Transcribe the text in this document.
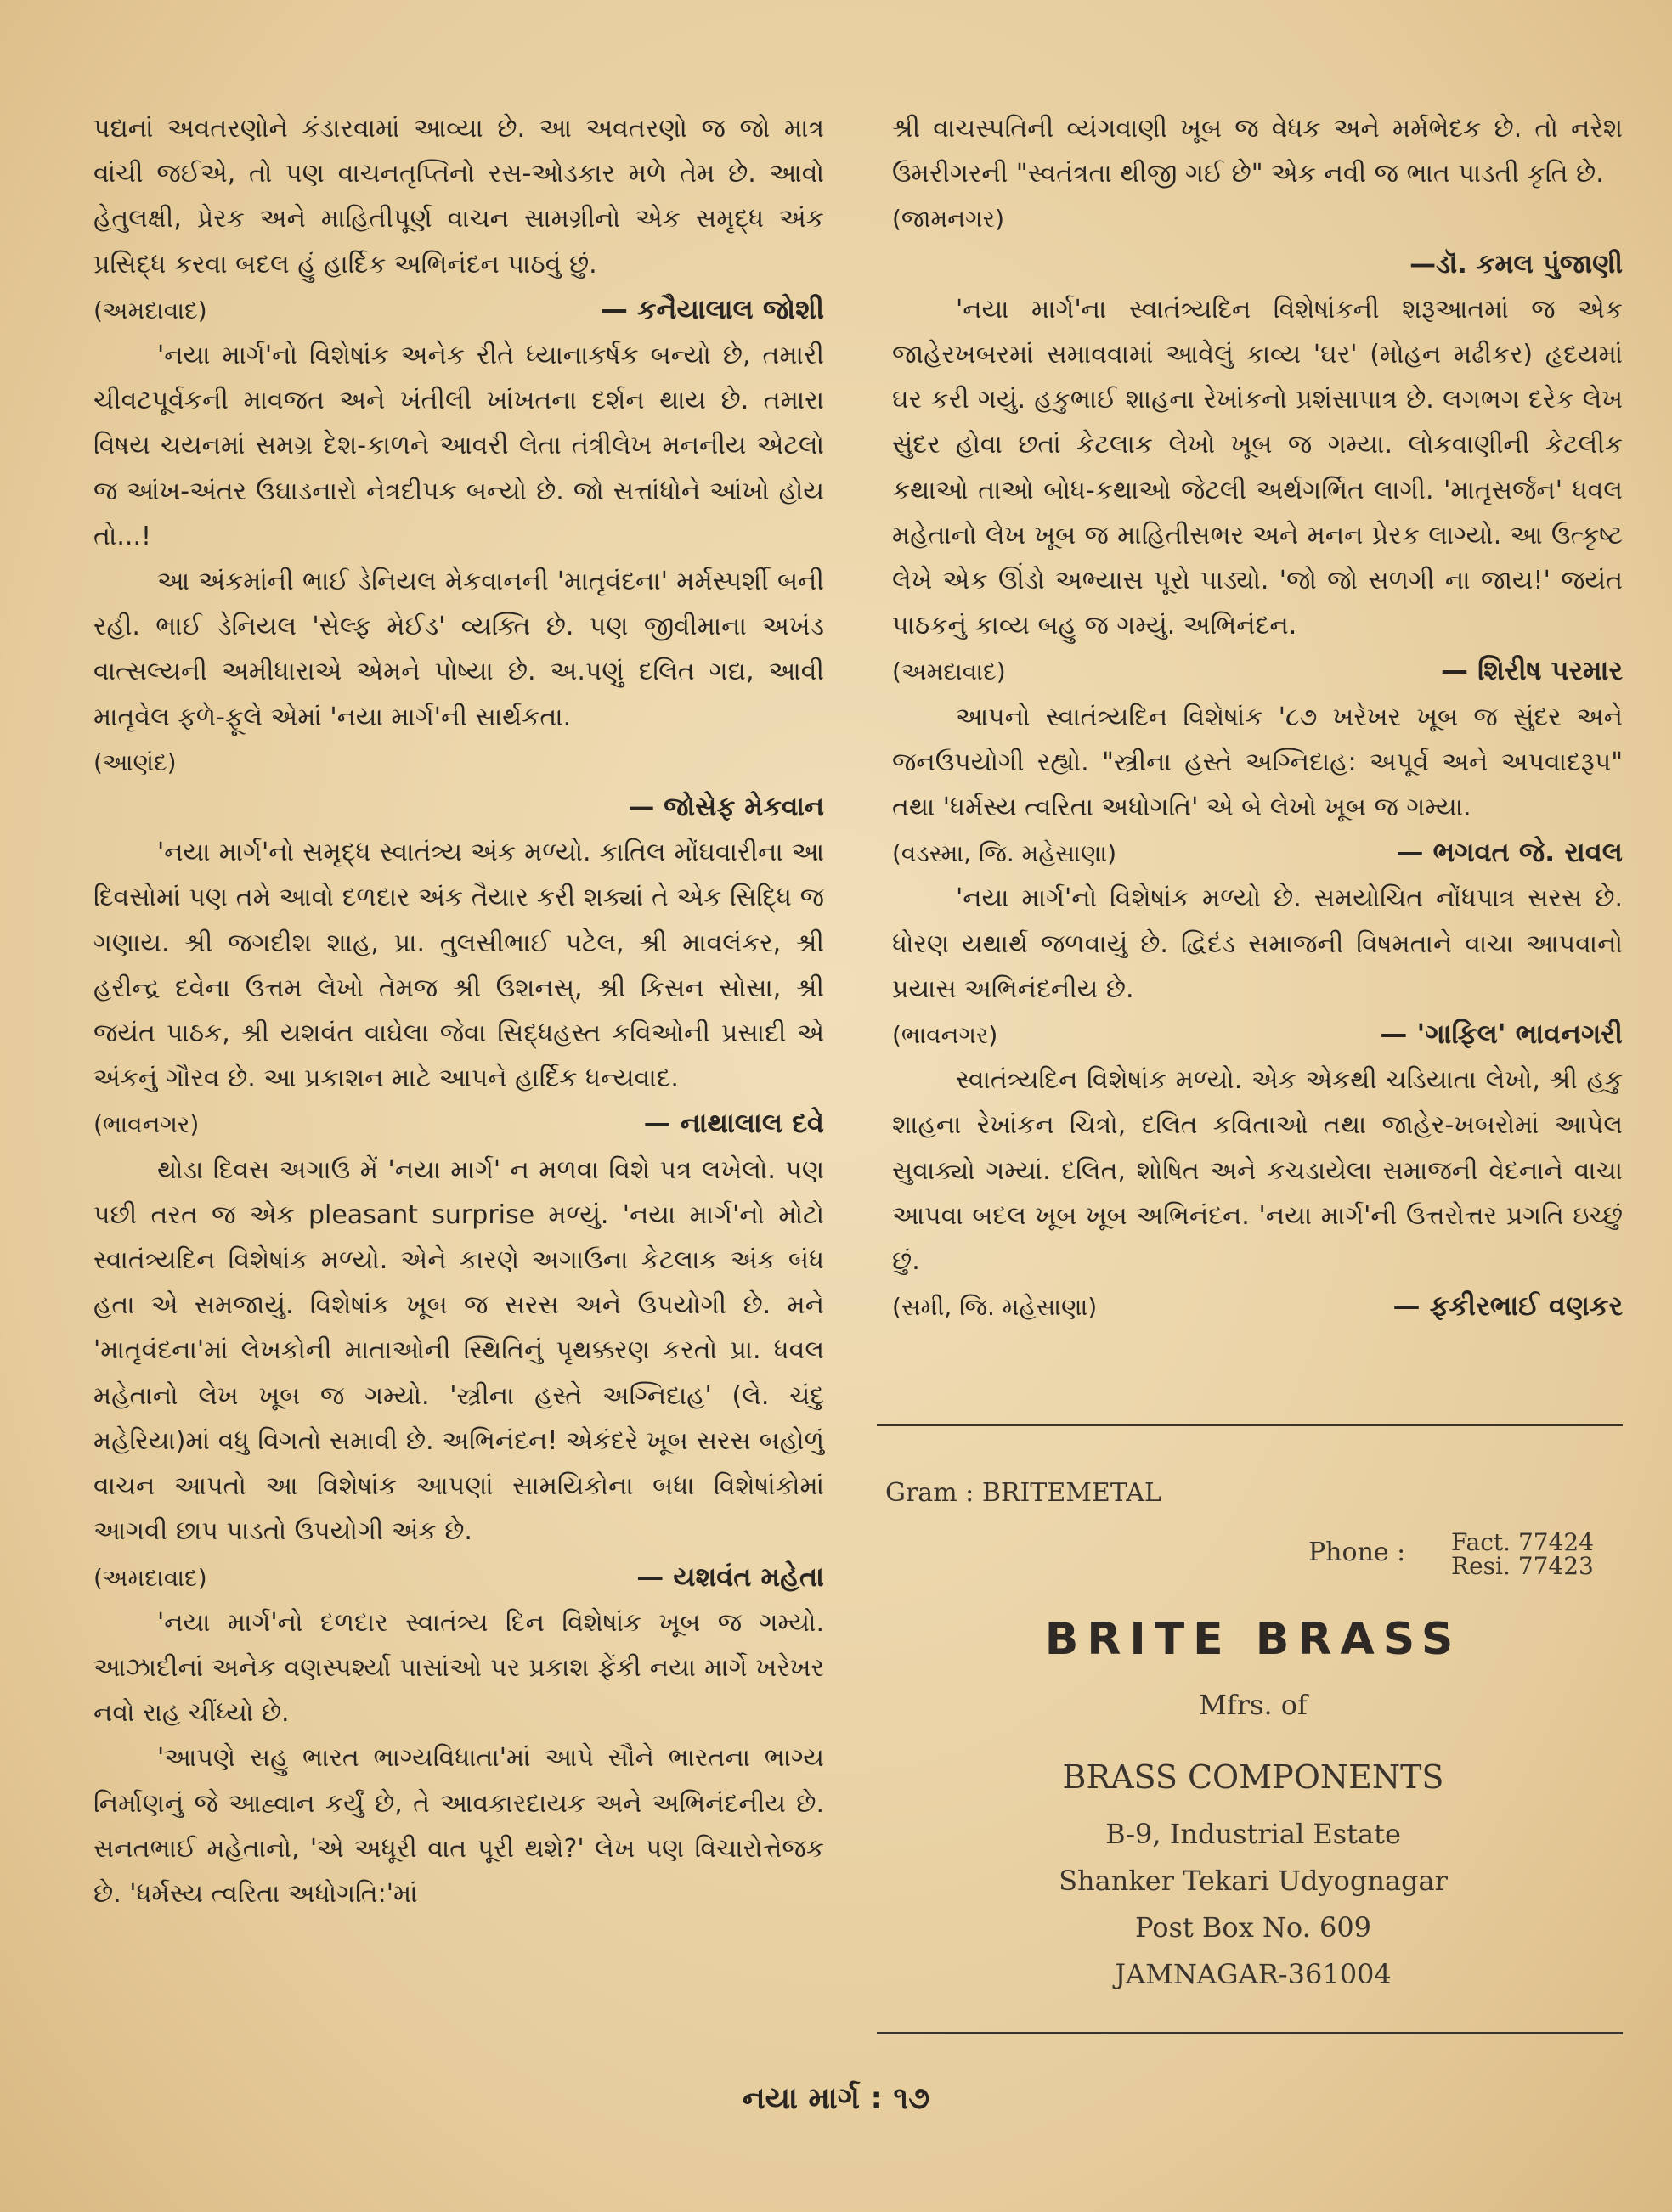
પદ્યનાં અવતરણોને કંડારવામાં આવ્યા છે. આ અવતરણો જ જો માત્ર વાંચી જઈએ, તો પણ વાચનતૃપ્તિનો રસ-ઓડકાર મળે તેમ છે. આવો હેતુલક્ષી, પ્રેરક અને માહિતીપૂર્ણ વાચન સામગ્રીનો એક સમૃદ્ધ અંક પ્રસિદ્ધ કરવા બદલ હું હાર્દિક અભિનંદન પાઠવું છું.

(અમદાવાદ)	— કનૈયાલાલ જોશી

'નયા માર્ગ'નો વિશેષાંક અનેક રીતે ધ્યાનાકર્ષક બન્યો છે, તમારી ચીવટપૂર્વકની માવજત અને ખંતીલી ખાંખતના દર્શન થાય છે. તમારા વિષય ચયનમાં સમગ્ર દેશ-કાળને આવરી લેતા તંત્રીલેખ મનનીય એટલો જ આંખ-અંતર ઉઘાડનારો નેત્રદીપક બન્યો છે. જો સત્તાંધોને આંખો હોય તો...!

આ અંકમાંની ભાઈ ડેનિયલ મેકવાનની 'માતૃવંદના' મર્મસ્પર્શી બની રહી. ભાઈ ડેનિયલ 'સેલ્ફ મેઈડ' વ્યક્તિ છે. પણ જીવીમાના અખંડ વાત્સલ્યની અમીધારાએ એમને પોષ્યા છે. અ.પણું દલિત ગદ્ય, આવી માતૃવેલ ફળે-ફૂલે એમાં 'નયા માર્ગ'ની સાર્થકતા.

(આણંદ)
— જોસેફ મેકવાન

'નયા માર્ગ'નો સમૃદ્ધ સ્વાતંત્ર્ય અંક મળ્યો. કાતિલ મોંઘવારીના આ દિવસોમાં પણ તમે આવો દળદાર અંક તૈયાર કરી શક્યાં તે એક સિદ્ધિ જ ગણાય. શ્રી જગદીશ શાહ, પ્રા. તુલસીભાઈ પટેલ, શ્રી માવલંકર, શ્રી હરીન્દ્ર દવેના ઉત્તમ લેખો તેમજ શ્રી ઉશનસ્, શ્રી કિસન સોસા, શ્રી જયંત પાઠક, શ્રી યશવંત વાઘેલા જેવા સિદ્ધહસ્ત કવિઓની પ્રસાદી એ અંકનું ગૌરવ છે. આ પ્રકાશન માટે આપને હાર્દિક ધન્યવાદ.

(ભાવનગર)	— નાથાલાલ દવે

થોડા દિવસ અગાઉ મેં 'નયા માર્ગ' ન મળવા વિશે પત્ર લખેલો. પણ પછી તરત જ એક pleasant surprise મળ્યું. 'નયા માર્ગ'નો મોટો સ્વાતંત્ર્યદિન વિશેષાંક મળ્યો. એને કારણે અગાઉના કેટલાક અંક બંધ હતા એ સમજાયું. વિશેષાંક ખૂબ જ સરસ અને ઉપયોગી છે. મને 'માતૃવંદના'માં લેખકોની માતાઓની સ્થિતિનું પૃથક્કરણ કરતો પ્રા. ધવલ મહેતાનો લેખ ખૂબ જ ગમ્યો. 'સ્ત્રીના હસ્તે અગ્નિદાહ' (લે. ચંદુ મહેરિયા)માં વધુ વિગતો સમાવી છે. અભિનંદન! એકંદરે ખૂબ સરસ બહોળું વાચન આપતો આ વિશેષાંક આપણાં સામયિકોના બધા વિશેષાંકોમાં આગવી છાપ પાડતો ઉપયોગી અંક છે.

(અમદાવાદ)	— યશવંત મહેતા

'નયા માર્ગ'નો દળદાર સ્વાતંત્ર્ય દિન વિશેષાંક ખૂબ જ ગમ્યો. આઝાદીનાં અનેક વણસ્પર્શ્યા પાસાંઓ પર પ્રકાશ ફેંકી નયા માર્ગે ખરેખર નવો રાહ ચીંધ્યો છે.

'આપણે સહુ ભારત ભાગ્યવિધાતા'માં આપે સૌને ભારતના ભાગ્ય નિર્માણનું જે આહ્વાન કર્યું છે, તે આવકારદાયક અને અભિનંદનીય છે. સનતભાઈ મહેતાનો, 'એ અધૂરી વાત પૂરી થશે?' લેખ પણ વિચારોત્તેજક છે. 'ધર્મસ્ય ત્વરિતા અધોગતિ:'માં

શ્રી વાચસ્પતિની વ્યંગવાણી ખૂબ જ વેધક અને મર્મભેદક છે. તો નરેશ ઉમરીગરની "સ્વતંત્રતા થીજી ગઈ છે" એક નવી જ ભાત પાડતી કૃતિ છે.

(જામનગર)
—ડૉ. કમલ પુંજાણી

'નયા માર્ગ'ના સ્વાતંત્ર્યદિન વિશેષાંકની શરૂઆતમાં જ એક જાહેરખબરમાં સમાવવામાં આવેલું કાવ્ય 'ઘર' (મોહન મઢીકર) હૃદયમાં ઘર કરી ગયું. હકુભાઈ શાહના રેખાંકનો પ્રશંસાપાત્ર છે. લગભગ દરેક લેખ સુંદર હોવા છતાં કેટલાક લેખો ખૂબ જ ગમ્યા. લોકવાણીની કેટલીક કથાઓ તાઓ બોધ-કથાઓ જેટલી અર્થગર્ભિત લાગી. 'માતૃસર્જન' ધવલ મહેતાનો લેખ ખૂબ જ માહિતીસભર અને મનન પ્રેરક લાગ્યો. આ ઉત્કૃષ્ટ લેખે એક ઊંડો અભ્યાસ પૂરો પાડ્યો. 'જો જો સળગી ના જાય!' જયંત પાઠકનું કાવ્ય બહુ જ ગમ્યું. અભિનંદન.

(અમદાવાદ)	— શિરીષ પરમાર

આપનો સ્વાતંત્ર્યદિન વિશેષાંક '૮૭ ખરેખર ખૂબ જ સુંદર અને જનઉપયોગી રહ્યો. "સ્ત્રીના હસ્તે અગ્નિદાહ: અપૂર્વ અને અપવાદરૂપ" તથા 'ધર્મસ્ય ત્વરિતા અધોગતિ' એ બે લેખો ખૂબ જ ગમ્યા.

(વડસ્મા, જિ. મહેસાણા)	— ભગવત જે. રાવલ

'નયા માર્ગ'નો વિશેષાંક મળ્યો છે. સમયોચિત નોંધપાત્ર સરસ છે. ધોરણ યથાર્થ જળવાયું છે. દ્વિદંડ સમાજની વિષમતાને વાચા આપવાનો પ્રયાસ અભિનંદનીય છે.

(ભાવનગર)	— 'ગાફિલ' ભાવનગરી

સ્વાતંત્ર્યદિન વિશેષાંક મળ્યો. એક એકથી ચડિયાતા લેખો, શ્રી હકુ શાહના રેખાંકન ચિત્રો, દલિત કવિતાઓ તથા જાહેર-ખબરોમાં આપેલ સુવાક્યો ગમ્યાં. દલિત, શોષિત અને કચડાયેલા સમાજની વેદનાને વાચા આપવા બદલ ખૂબ ખૂબ અભિનંદન. 'નયા માર્ગ'ની ઉત્તરોત્તર પ્રગતિ ઇચ્છું છું.

(સમી, જિ. મહેસાણા)	— ફકીરભાઈ વણકર
Gram : BRITEMETAL
Phone : Fact. 77424
Resi. 77423
BRITE BRASS
Mfrs. of
BRASS COMPONENTS
B-9, Industrial Estate
Shanker Tekari Udyognagar
Post Box No. 609
JAMNAGAR-361004
નયા માર્ગ : ૧૭
